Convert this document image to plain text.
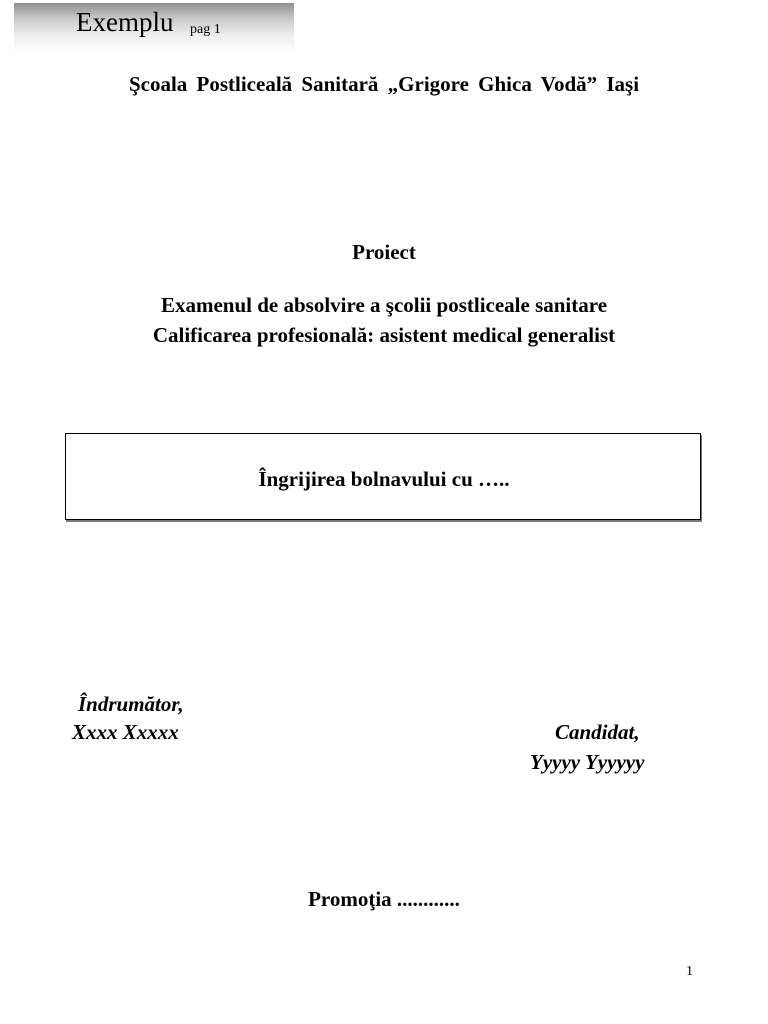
Exemplu pag 1
Şcoala Postliceală Sanitară „Grigore Ghica Vodă” Iaşi
Proiect
Examenul de absolvire a şcolii postliceale sanitare
Calificarea profesională: asistent medical generalist
Îngrijirea bolnavului cu …..
Îndrumător,
Xxxx Xxxxx	Candidat,
Yyyyy Yyyyyy
Promoţia ............
1
